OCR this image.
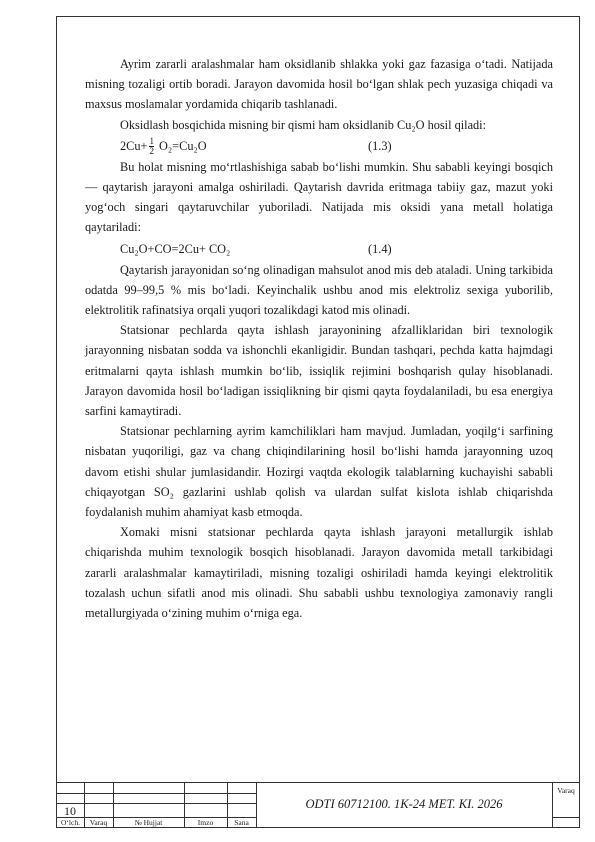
Ayrim zararli aralashmalar ham oksidlanib shlakka yoki gaz fazasiga o‘tadi. Natijada misning tozaligi ortib boradi. Jarayon davomida hosil bo‘lgan shlak pech yuzasiga chiqadi va maxsus moslamalar yordamida chiqarib tashlanadi.

Oksidlash bosqichida misning bir qismi ham oksidlanib Cu₂O hosil qiladi:

$2Cu+ \frac{1}{2} O_2=Cu_2O$	(1.3)

Bu holat misning mo‘rtlashishiga sabab bo‘lishi mumkin. Shu sababli keyingi bosqich — qaytarish jarayoni amalga oshiriladi. Qaytarish davrida eritmaga tabiiy gaz, mazut yoki yog‘och singari qaytaruvchilar yuboriladi. Natijada mis oksidi yana metall holatiga qaytariladi:

Cu₂O+CO=2Cu+ CO₂	(1.4)

Qaytarish jarayonidan so‘ng olinadigan mahsulot anod mis deb ataladi. Uning tarkibida odatda 99–99,5 % mis bo‘ladi. Keyinchalik ushbu anod mis elektroliz sexiga yuborilib, elektrolitik rafinatsiya orqali yuqori tozalikdagi katod mis olinadi.

Statsionar pechlarda qayta ishlash jarayonining afzalliklaridan biri texnologik jarayonning nisbatan sodda va ishonchli ekanligidir. Bundan tashqari, pechda katta hajmdagi eritmalarni qayta ishlash mumkin bo‘lib, issiqlik rejimini boshqarish qulay hisoblanadi. Jarayon davomida hosil bo‘ladigan issiqlikning bir qismi qayta foydalaniladi, bu esa energiya sarfini kamaytiradi.

Statsionar pechlarning ayrim kamchiliklari ham mavjud. Jumladan, yoqilg‘i sarfining nisbatan yuqoriligi, gaz va chang chiqindilarining hosil bo‘lishi hamda jarayonning uzoq davom etishi shular jumlasidandir. Hozirgi vaqtda ekologik talablarning kuchayishi sababli chiqayotgan SO₂ gazlarini ushlab qolish va ulardan sulfat kislota ishlab chiqarishda foydalanish muhim ahamiyat kasb etmoqda.

Xomaki misni statsionar pechlarda qayta ishlash jarayoni metallurgik ishlab chiqarishda muhim texnologik bosqich hisoblanadi. Jarayon davomida metall tarkibidagi zararli aralashmalar kamaytiriladi, misning tozaligi oshiriladi hamda keyingi elektrolitik tozalash uchun sifatli anod mis olinadi. Shu sababli ushbu texnologiya zamonaviy rangli metallurgiyada o‘zining muhim o‘rniga ega.

10
O‘lch.	Varaq	№ Hujjat	Imzo	Sana
ODTI 60712100. 1K-24 MET. KI. 2026
Varaq
